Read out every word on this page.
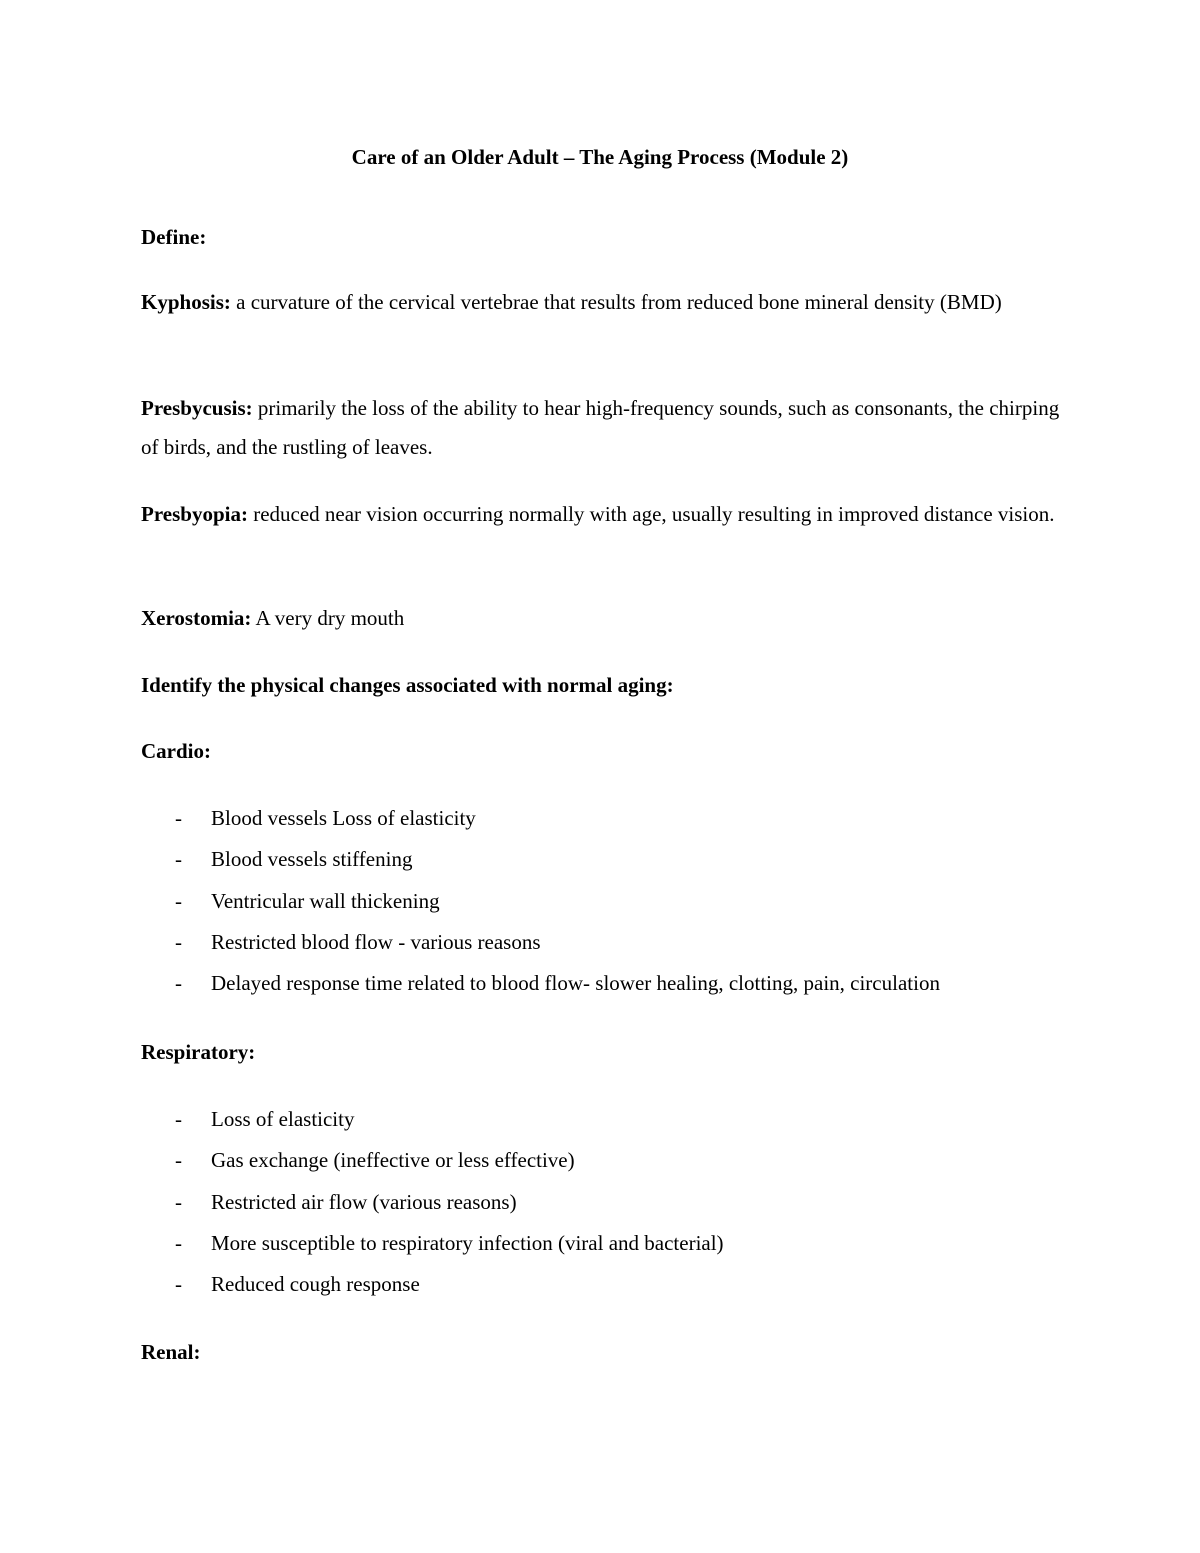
Care of an Older Adult – The Aging Process (Module 2)

Define:

Kyphosis: a curvature of the cervical vertebrae that results from reduced bone mineral density (BMD)

Presbycusis: primarily the loss of the ability to hear high-frequency sounds, such as consonants, the chirping of birds, and the rustling of leaves.

Presbyopia: reduced near vision occurring normally with age, usually resulting in improved distance vision.

Xerostomia: A very dry mouth

Identify the physical changes associated with normal aging:

Cardio:

- Blood vessels Loss of elasticity
- Blood vessels stiffening
- Ventricular wall thickening
- Restricted blood flow - various reasons
- Delayed response time related to blood flow- slower healing, clotting, pain, circulation

Respiratory:

- Loss of elasticity
- Gas exchange (ineffective or less effective)
- Restricted air flow (various reasons)
- More susceptible to respiratory infection (viral and bacterial)
- Reduced cough response

Renal:
